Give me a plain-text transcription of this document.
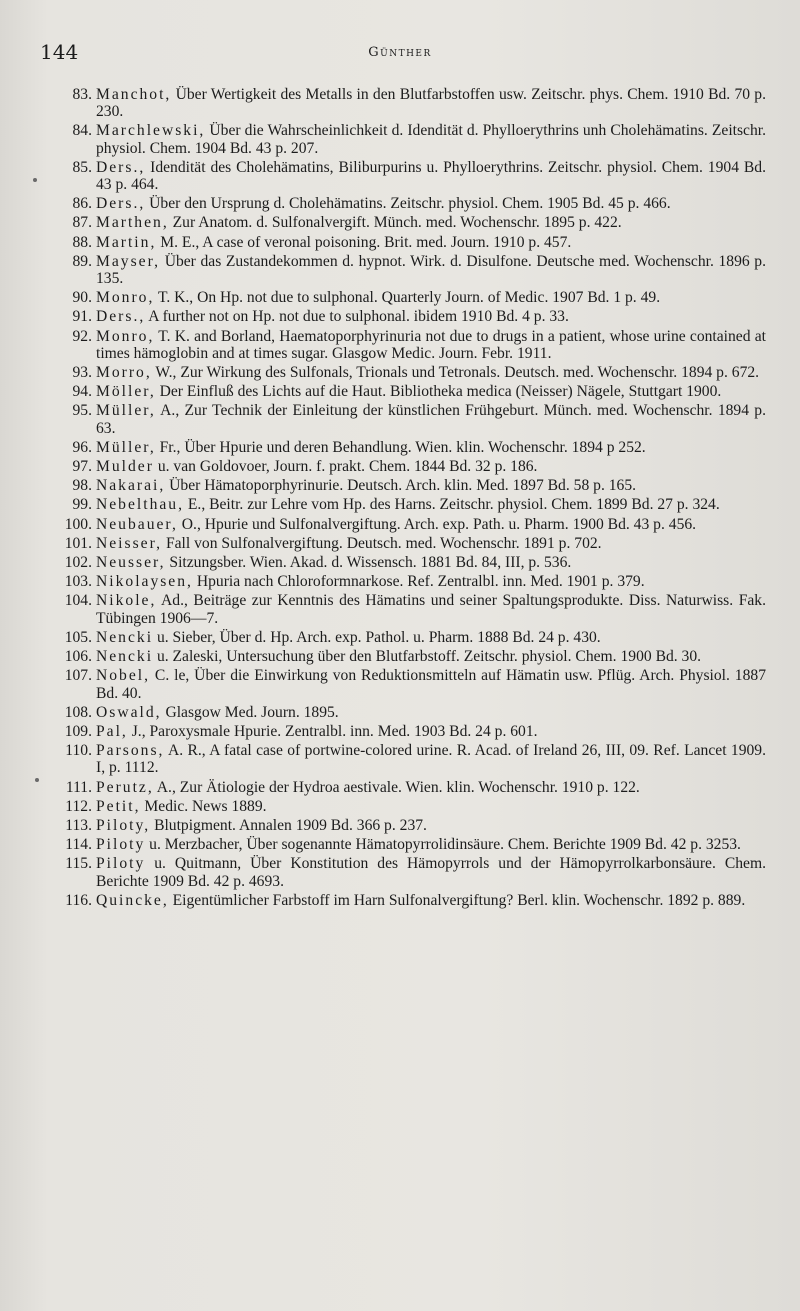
144	Günther
83. Manchot, Über Wertigkeit des Metalls in den Blutfarbstoffen usw. Zeitschr. phys. Chem. 1910 Bd. 70 p. 230.
84. Marchlewski, Über die Wahrscheinlichkeit d. Idendität d. Phylloerythrins unh Cholehämatins. Zeitschr. physiol. Chem. 1904 Bd. 43 p. 207.
85. Ders., Idendität des Cholehämatins, Biliburpurins u. Phylloerythrins. Zeitschr. physiol. Chem. 1904 Bd. 43 p. 464.
86. Ders., Über den Ursprung d. Cholehämatins. Zeitschr. physiol. Chem. 1905 Bd. 45 p. 466.
87. Marthen, Zur Anatom. d. Sulfonalvergift. Münch. med. Wochenschr. 1895 p. 422.
88. Martin, M. E., A case of veronal poisoning. Brit. med. Journ. 1910 p. 457.
89. Mayser, Über das Zustandekommen d. hypnot. Wirk. d. Disulfone. Deutsche med. Wochenschr. 1896 p. 135.
90. Monro, T. K., On Hp. not due to sulphonal. Quarterly Journ. of Medic. 1907 Bd. 1 p. 49.
91. Ders., A further not on Hp. not due to sulphonal. ibidem 1910 Bd. 4 p. 33.
92. Monro, T. K. and Borland, Haematoporphyrinuria not due to drugs in a patient, whose urine contained at times hämoglobin and at times sugar. Glasgow Medic. Journ. Febr. 1911.
93. Morro, W., Zur Wirkung des Sulfonals, Trionals und Tetronals. Deutsch. med. Wochenschr. 1894 p. 672.
94. Möller, Der Einfluß des Lichts auf die Haut. Bibliotheka medica (Neisser) Nägele, Stuttgart 1900.
95. Müller, A., Zur Technik der Einleitung der künstlichen Frühgeburt. Münch. med. Wochenschr. 1894 p. 63.
96. Müller, Fr., Über Hpurie und deren Behandlung. Wien. klin. Wochenschr. 1894 p 252.
97. Mulder u. van Goldovoer, Journ. f. prakt. Chem. 1844 Bd. 32 p. 186.
98. Nakarai, Über Hämatoporphyrinurie. Deutsch. Arch. klin. Med. 1897 Bd. 58 p. 165.
99. Nebelthau, E., Beitr. zur Lehre vom Hp. des Harns. Zeitschr. physiol. Chem. 1899 Bd. 27 p. 324.
100. Neubauer, O., Hpurie und Sulfonalvergiftung. Arch. exp. Path. u. Pharm. 1900 Bd. 43 p. 456.
101. Neisser, Fall von Sulfonalvergiftung. Deutsch. med. Wochenschr. 1891 p. 702.
102. Neusser, Sitzungsber. Wien. Akad. d. Wissensch. 1881 Bd. 84, III, p. 536.
103. Nikolaysen, Hpuria nach Chloroformnarkose. Ref. Zentralbl. inn. Med. 1901 p. 379.
104. Nikole, Ad., Beiträge zur Kenntnis des Hämatins und seiner Spaltungsprodukte. Diss. Naturwiss. Fak. Tübingen 1906—7.
105. Nencki u. Sieber, Über d. Hp. Arch. exp. Pathol. u. Pharm. 1888 Bd. 24 p. 430.
106. Nencki u. Zaleski, Untersuchung über den Blutfarbstoff. Zeitschr. physiol. Chem. 1900 Bd. 30.
107. Nobel, C. le, Über die Einwirkung von Reduktionsmitteln auf Hämatin usw. Pflüg. Arch. Physiol. 1887 Bd. 40.
108. Oswald, Glasgow Med. Journ. 1895.
109. Pal, J., Paroxysmale Hpurie. Zentralbl. inn. Med. 1903 Bd. 24 p. 601.
110. Parsons, A. R., A fatal case of portwine-colored urine. R. Acad. of Ireland 26, III, 09. Ref. Lancet 1909. I, p. 1112.
111. Perutz, A., Zur Ätiologie der Hydroa aestivale. Wien. klin. Wochenschr. 1910 p. 122.
112. Petit, Medic. News 1889.
113. Piloty, Blutpigment. Annalen 1909 Bd. 366 p. 237.
114. Piloty u. Merzbacher, Über sogenannte Hämatopyrrolidinsäure. Chem. Berichte 1909 Bd. 42 p. 3253.
115. Piloty u. Quitmann, Über Konstitution des Hämopyrrols und der Hämopyrrolkarbonsäure. Chem. Berichte 1909 Bd. 42 p. 4693.
116. Quincke, Eigentümlicher Farbstoff im Harn Sulfonalvergiftung? Berl. klin. Wochenschr. 1892 p. 889.
